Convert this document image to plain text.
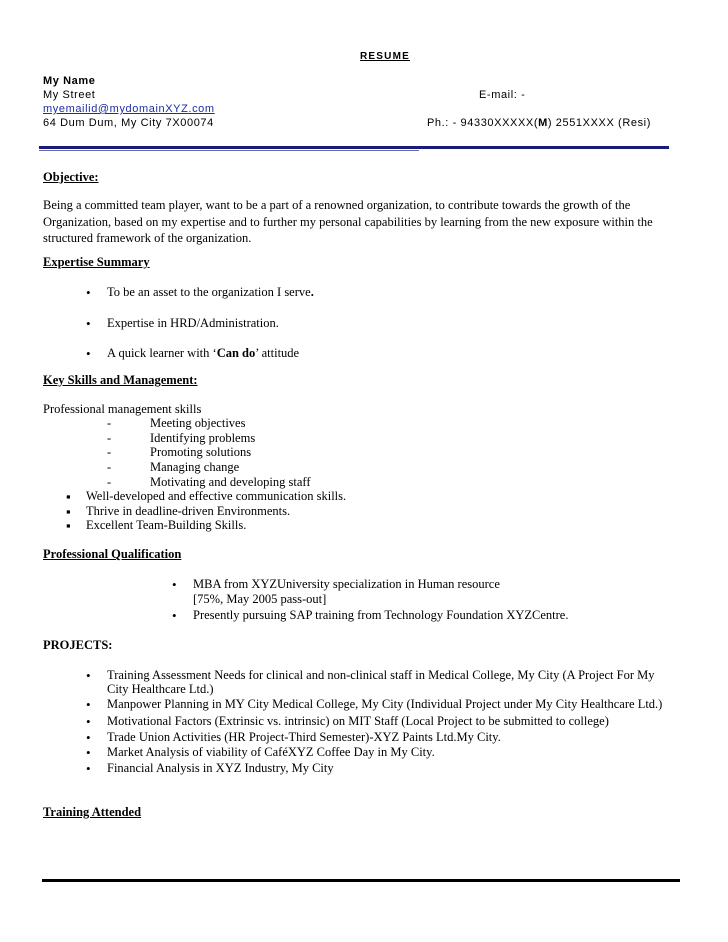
RESUME
My Name
My Street	E-mail: -
myemailid@mydomainXYZ.com
64 Dum Dum, My City 7X00074	Ph.: - 94330XXXXX(M) 2551XXXX (Resi)
Objective:
Being a committed team player, want to be a part of a renowned organization, to contribute towards the growth of the Organization, based on my expertise and to further my personal capabilities by learning from the new exposure within the structured framework of the organization.
Expertise Summary
• To be an asset to the organization I serve.
• Expertise in HRD/Administration.
• A quick learner with ‘Can do’ attitude
Key Skills and Management:
Professional management skills
-	Meeting objectives
-	Identifying problems
-	Promoting solutions
-	Managing change
-	Motivating and developing staff
▪ Well-developed and effective communication skills.
▪ Thrive in deadline-driven Environments.
▪ Excellent Team-Building Skills.
Professional Qualification
• MBA from XYZUniversity specialization in Human resource
[75%, May 2005 pass-out]
• Presently pursuing SAP training from Technology Foundation XYZCentre.
PROJECTS:
• Training Assessment Needs for clinical and non-clinical staff in Medical College, My City (A Project For My
City Healthcare Ltd.)
• Manpower Planning in MY City Medical College, My City (Individual Project under My City Healthcare Ltd.)
• Motivational Factors (Extrinsic vs. intrinsic) on MIT Staff (Local Project to be submitted to college)
• Trade Union Activities (HR Project-Third Semester)-XYZ Paints Ltd.My City.
• Market Analysis of viability of CaféXYZ Coffee Day in My City.
• Financial Analysis in XYZ Industry, My City
Training Attended
